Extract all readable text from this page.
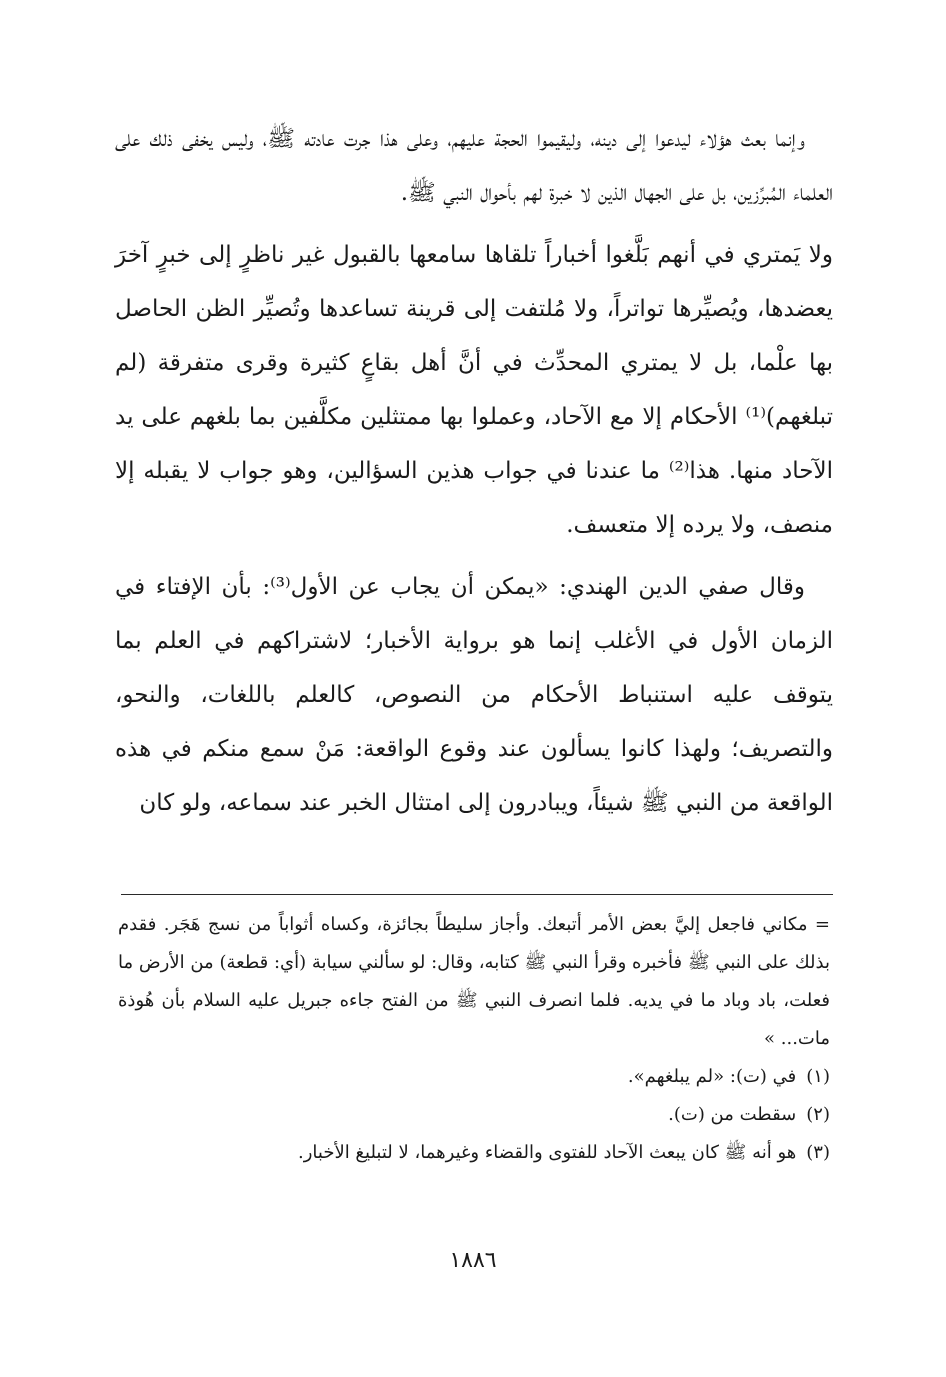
وإنما بعث هؤلاء ليدعوا إلى دينه، وليقيموا الحجة عليهم، وعلى هذا جرت عادته ﷺ، وليس يخفى ذلك على العلماء المُبرِّزين، بل على الجهال الذين لا خبرة لهم بأحوال النبي ﷺ.

ولا يَمتري في أنهم بَلَّغوا أخباراً تلقاها سامعها بالقبول غير ناظرٍ إلى خبرٍ آخرَ يعضدها، ويُصيِّرها تواتراً، ولا مُلتفت إلى قرينة تساعدها وتُصيِّر الظن الحاصل بها علْما، بل لا يمتري المحدِّث في أنَّ أهل بقاعٍ كثيرة وقرى متفرقة (لم تبلغهم)⁽¹⁾ الأحكام إلا مع الآحاد، وعملوا بها ممتثلين مكلَّفين بما بلغهم على يد الآحاد منها. هذا⁽²⁾ ما عندنا في جواب هذين السؤالين، وهو جواب لا يقبله إلا منصف، ولا يرده إلا متعسف.

وقال صفي الدين الهندي: «يمكن أن يجاب عن الأول⁽³⁾: بأن الإفتاء في الزمان الأول في الأغلب إنما هو برواية الأخبار؛ لاشتراكهم في العلم بما يتوقف عليه استنباط الأحكام من النصوص، كالعلم باللغات، والنحو، والتصريف؛ ولهذا كانوا يسألون عند وقوع الواقعة: مَنْ سمع منكم في هذه الواقعة من النبي ﷺ شيئاً، ويبادرون إلى امتثال الخبر عند سماعه، ولو كان

= مكاني فاجعل إليَّ بعض الأمر أتبعك. وأجاز سليطاً بجائزة، وكساه أثواباً من نسج هَجَر. فقدم بذلك على النبي ﷺ فأخبره وقرأ النبي ﷺ كتابه، وقال: لو سألني سيابة (أي: قطعة) من الأرض ما فعلت، باد وباد ما في يديه. فلما انصرف النبي ﷺ من الفتح جاءه جبريل عليه السلام بأن هُوذة مات... »

(١)
في (ت): «لم يبلغهم».
(٢)
سقطت من (ت).
(٣)
هو أنه ﷺ كان يبعث الآحاد للفتوى والقضاء وغيرهما، لا لتبليغ الأخبار.
١٨٨٦
